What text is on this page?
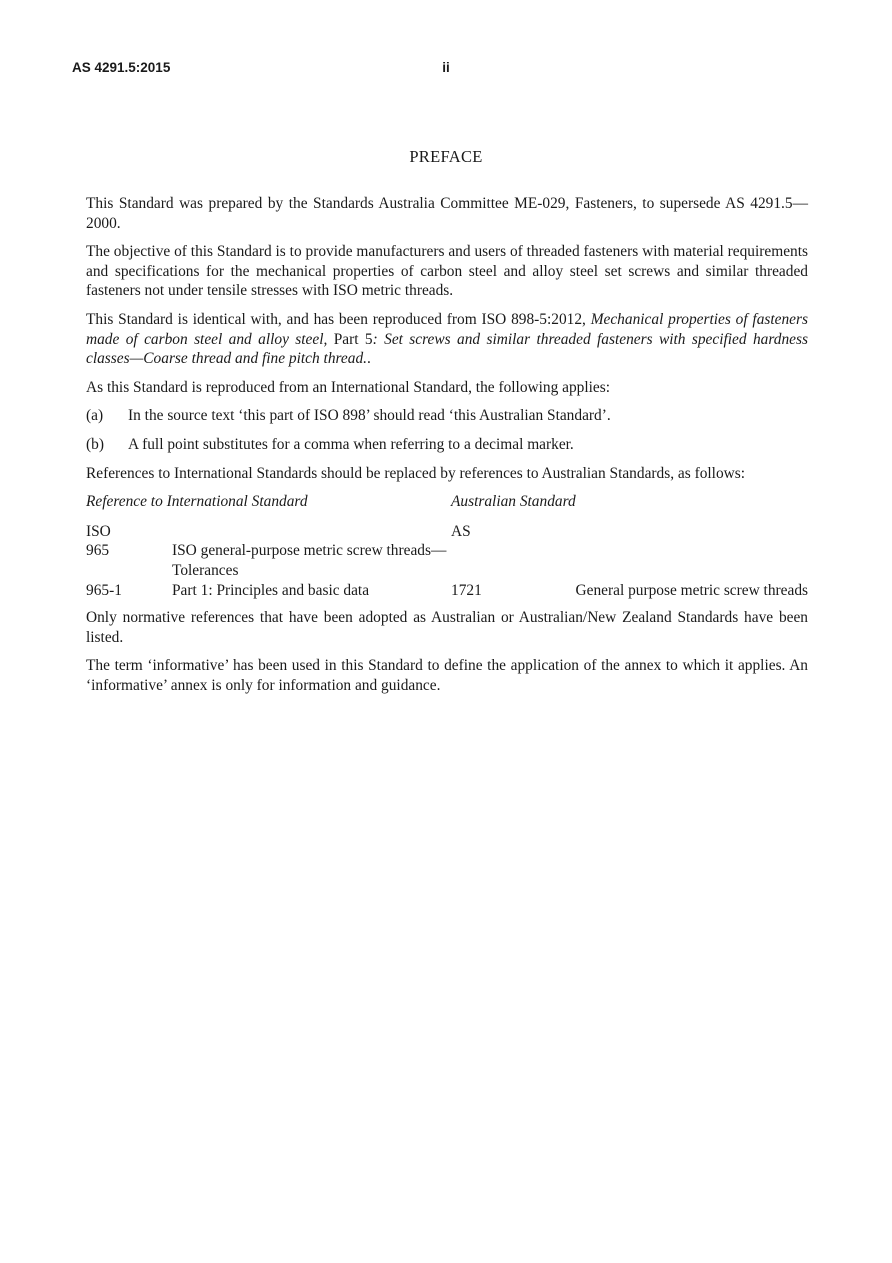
AS 4291.5:2015	ii
PREFACE

This Standard was prepared by the Standards Australia Committee ME-029, Fasteners, to supersede AS 4291.5—2000.

The objective of this Standard is to provide manufacturers and users of threaded fasteners with material requirements and specifications for the mechanical properties of carbon steel and alloy steel set screws and similar threaded fasteners not under tensile stresses with ISO metric threads.

This Standard is identical with, and has been reproduced from ISO 898-5:2012, Mechanical properties of fasteners made of carbon steel and alloy steel, Part 5: Set screws and similar threaded fasteners with specified hardness classes—Coarse thread and fine pitch thread..

As this Standard is reproduced from an International Standard, the following applies:

(a)	In the source text ‘this part of ISO 898’ should read ‘this Australian Standard’.
(b)	A full point substitutes for a comma when referring to a decimal marker.

References to International Standards should be replaced by references to Australian Standards, as follows:

Reference to International Standard		Australian Standard	
ISO		AS	
965	ISO general-purpose metric screw threads—Tolerances		
965-1	Part 1: Principles and basic data	1721	General purpose metric screw threads

Only normative references that have been adopted as Australian or Australian/New Zealand Standards have been listed.

The term ‘informative’ has been used in this Standard to define the application of the annex to which it applies. An ‘informative’ annex is only for information and guidance.
